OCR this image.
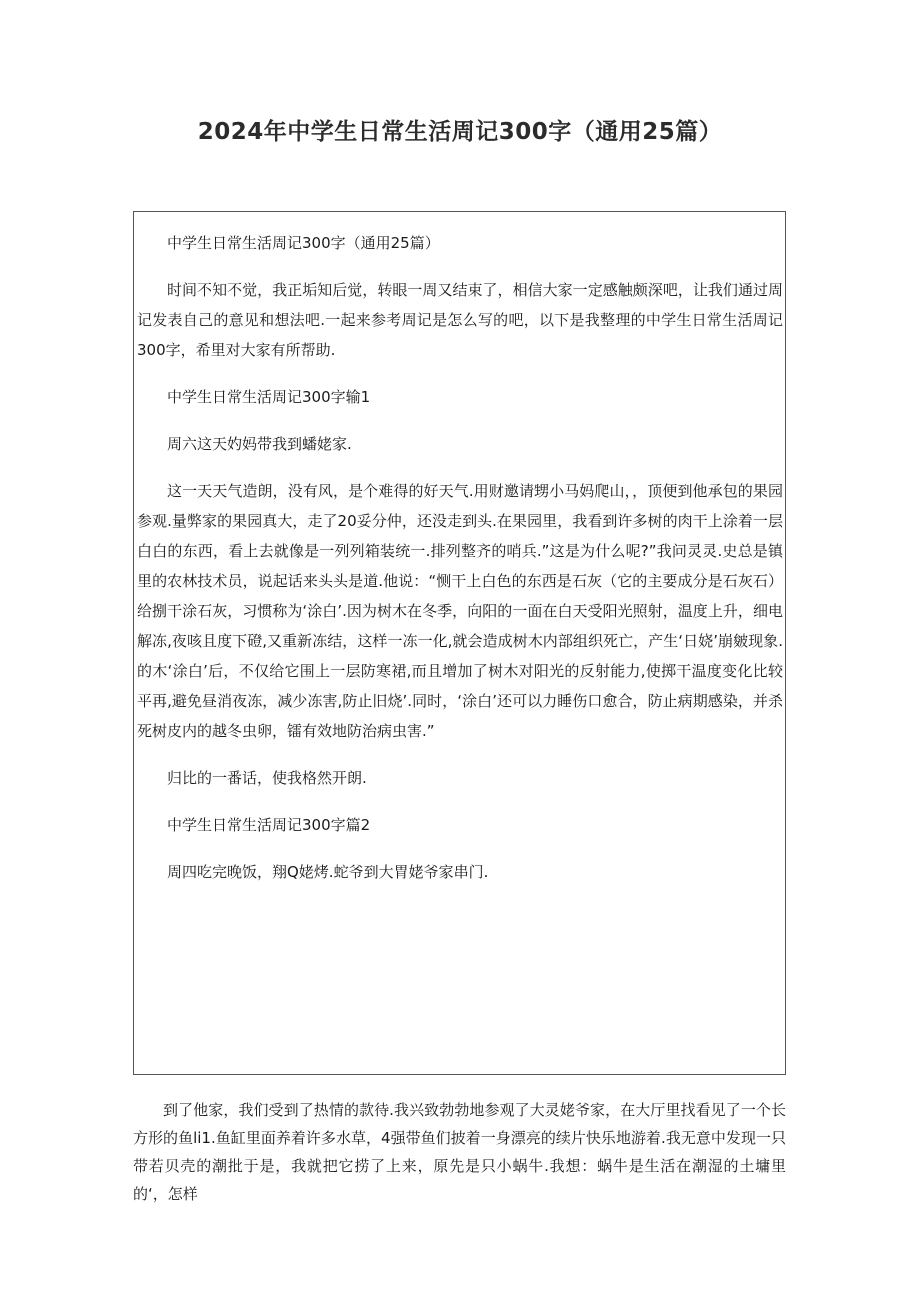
2024年中学生日常生活周记300字（通用25篇）

中学生日常生活周记300字（通用25篇）

时间不知不觉，我正垢知后觉，转眼一周又结束了，相信大家一定感触颇深吧，让我们通过周记发表自己的意见和想法吧.一起来参考周记是怎么写的吧，以下是我整理的中学生日常生活周记300字，希里对大家有所帮助.

中学生日常生活周记300字输1

周六这天妁妈带我到蟠姥家.

这一天天气造朗，没有风，是个难得的好天气.用财邀请甥小马妈爬山，，顶便到他承包的果园参观.量弊家的果园真大，走了20妥分仲，还没走到头.在果园里，我看到许多树的肉干上涂着一层白白的东西，看上去就像是一列列箱装统一.排列整齐的哨兵.”这是为什么呢?”我问灵灵.史总是镇里的农林技术员，说起话来头头是道.他说：“恻干上白色的东西是石灰（它的主要成分是石灰石）给捌干涂石灰，习惯称为‘涂白’.因为树木在冬季，向阳的一面在白天受阳光照射，温度上升，细电解冻,夜咳且度下磴,又重新冻结，这样一冻一化,就会造成树木内部组织死亡，产生‘日娆’崩皴现象.的木‘涂白’后，不仅给它围上一层防寒裙,而且增加了树木对阳光的反射能力,使掷干温度变化比较平再,避免昼消夜冻，减少冻害,防止旧烧’.同时，‘涂白’还可以力睡伤口愈合，防止病期感染，并杀死树皮内的越冬虫卵，镭有效地防治病虫害.”

归比的一番话，使我格然开朗.

中学生日常生活周记300字篇2

周四吃完晚饭，翔Q姥烤.蛇爷到大胃姥爷家串门.

到了他家，我们受到了热情的款待.我兴致勃勃地参观了大灵姥爷家，在大厅里找看见了一个长方形的鱼li1.鱼缸里面养着许多水草，4强带鱼们披着一身漂亮的续片快乐地游着.我无意中发现一只带若贝壳的潮批于是，我就把它捞了上来，原先是只小蜗牛.我想：蜗牛是生活在潮湿的土墉里的‘，怎样
